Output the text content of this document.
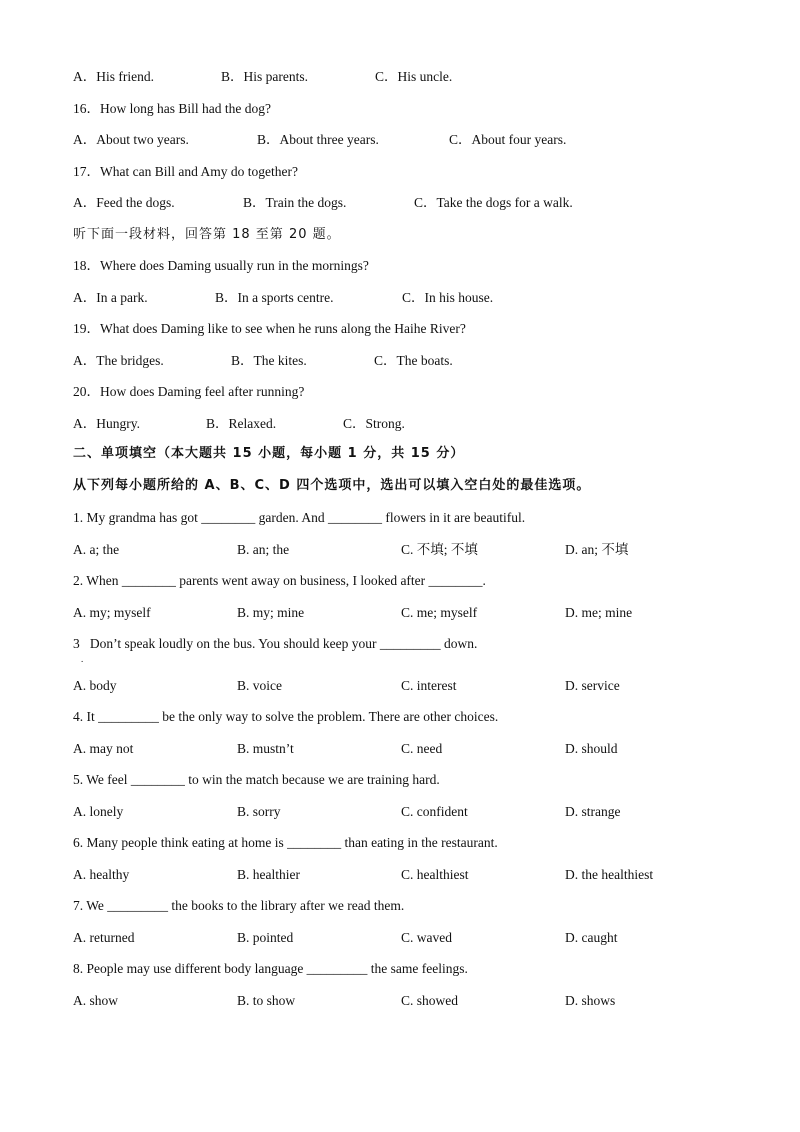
A．His friend.	B．His parents.	C．His uncle.
16．How long has Bill had the dog?
A．About two years.	B．About three years.	C．About four years.
17．What can Bill and Amy do together?
A．Feed the dogs.	B．Train the dogs.	C．Take the dogs for a walk.
听下面一段材料，回答第 18 至第 20 题。
18．Where does Daming usually run in the mornings?
A．In a park.	B．In a sports centre.	C．In his house.
19．What does Daming like to see when he runs along the Haihe River?
A．The bridges.	B．The kites.	C．The boats.
20．How does Daming feel after running?
A．Hungry.	B．Relaxed.	C．Strong.
二、单项填空（本大题共 15 小题，每小题 1 分，共 15 分）
从下列每小题所给的 A、B、C、D 四个选项中，选出可以填入空白处的最佳选项。
1. My grandma has got ________ garden. And ________ flowers in it are beautiful.
A. a; the	B. an; the	C. 不填; 不填	D. an; 不填
2. When ________ parents went away on business, I looked after ________.
A. my; myself	B. my; mine	C. me; myself	D. me; mine
3   Don’t speak loudly on the bus. You should keep your _________ down.
.
A. body	B. voice	C. interest	D. service
4. It _________ be the only way to solve the problem. There are other choices.
A. may not	B. mustn’t	C. need	D. should
5. We feel ________ to win the match because we are training hard.
A. lonely	B. sorry	C. confident	D. strange
6. Many people think eating at home is ________ than eating in the restaurant.
A. healthy	B. healthier	C. healthiest	D. the healthiest
7. We _________ the books to the library after we read them.
A. returned	B. pointed	C. waved	D. caught
8. People may use different body language _________ the same feelings.
A. show	B. to show	C. showed	D. shows
